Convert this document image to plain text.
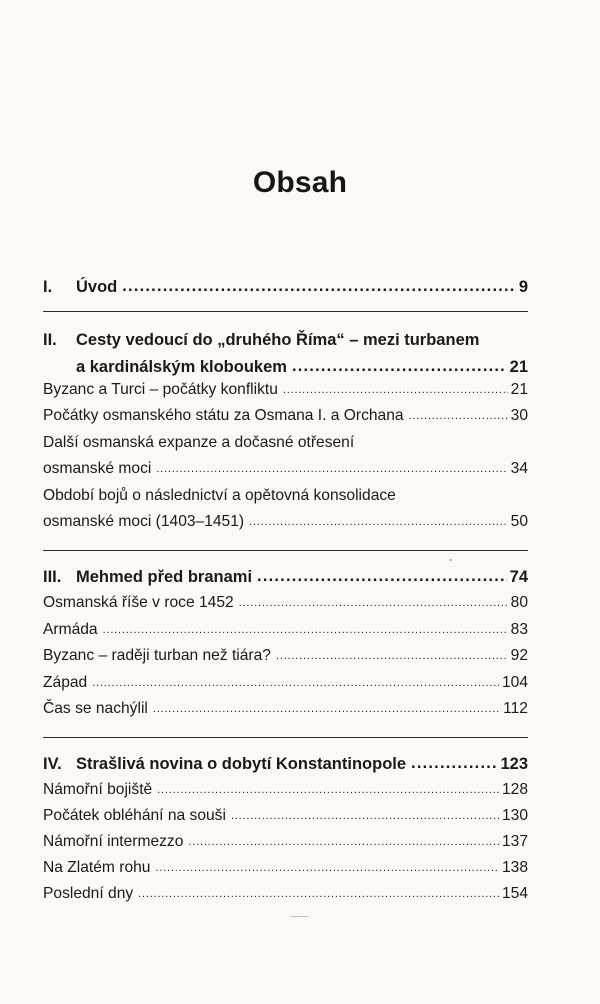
Obsah
I.	Úvod .....	9
II.	Cesty vedoucí do „druhého Říma“ – mezi turbanem
a kardinálským kloboukem .....	21
Byzanc a Turci – počátky konfliktu .....	21
Počátky osmanského státu za Osmana I. a Orchana .....	30
Další osmanská expanze a dočasné otřesení
osmanské moci .....	34
Období bojů o následnictví a opětovná konsolidace
osmanské moci (1403–1451) .....	50
III. Mehmed před branami .....	74
Osmanská říše v roce 1452 .....	80
Armáda .....	83
Byzanc – raději turban než tiára? .....	92
Západ .....	104
Čas se nachýlil .....	112
IV. Strašlivá novina o dobytí Konstantinopole .....	123
Námořní bojiště .....	128
Počátek obléhání na souši .....	130
Námořní intermezzo .....	137
Na Zlatém rohu .....	138
Poslední dny .....	154
